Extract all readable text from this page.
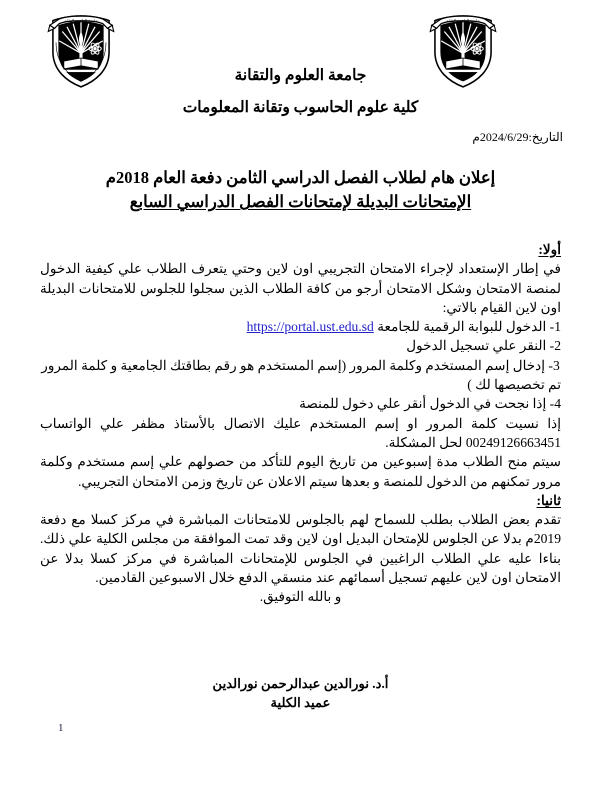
جامعة العلوم والتقانة	جامعة العلوم والتقانة
جامعة العلوم والتقانة
كلية علوم الحاسوب وتقانة المعلومات
التاريخ:2024/6/29م
إعلان هام لطلاب الفصل الدراسي الثامن دفعة العام 2018م
الإمتحانات البديلة لإمتحانات الفصل الدراسي السابع
أولا:

في إطار الإستعداد لإجراء الامتحان التجريبي اون لاين وحتي يتعرف الطلاب علي كيفية الدخول لمنصة الامتحان وشكل الامتحان أرجو من كافة الطلاب الذين سجلوا للجلوس للامتحانات البديلة اون لاين القيام بالاتي:

1- الدخول للبوابة الرقمية للجامعة https://portal.ust.edu.sd
2- النقر علي تسجيل الدخول
3- إدخال إسم المستخدم وكلمة المرور (إسم المستخدم هو رقم بطاقتك الجامعية و كلمة المرور تم تخصيصها لك )
4- إذا نجحت في الدخول أنقر علي دخول للمنصة

إذا نسيت كلمة المرور او إسم المستخدم عليك الاتصال بالأستاذ مظفر علي الواتساب 00249126663451 لحل المشكلة.

سيتم منح الطلاب مدة إسبوعين من تاريخ اليوم للتأكد من حصولهم علي إسم مستخدم وكلمة مرور تمكنهم من الدخول للمنصة و بعدها سيتم الاعلان عن تاريخ وزمن الامتحان التجريبي.

ثانيا:

تقدم بعض الطلاب بطلب للسماح لهم بالجلوس للامتحانات المباشرة في مركز كسلا مع دفعة 2019م بدلا عن الجلوس للإمتحان البديل اون لاين وقد تمت الموافقة من مجلس الكلية علي ذلك. بناءا عليه علي الطلاب الراغبين في الجلوس للإمتحانات المباشرة في مركز كسلا بدلا عن الامتحان اون لاين عليهم تسجيل أسمائهم عند منسقي الدفع خلال الاسبوعين القادمين.

و بالله التوفيق.

أ.د. نورالدين عبدالرحمن نورالدين
عميد الكلية
1
